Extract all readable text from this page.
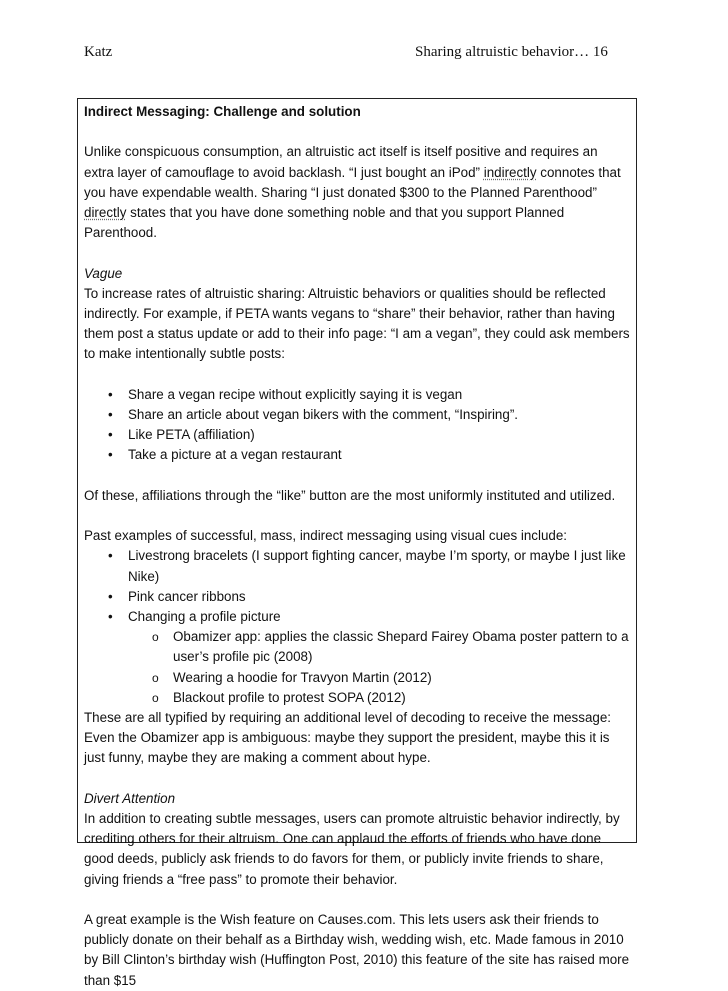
Katz	Sharing altruistic behavior… 16

Indirect Messaging: Challenge and solution

Unlike conspicuous consumption, an altruistic act itself is itself positive and requires an extra layer of camouflage to avoid backlash. “I just bought an iPod” indirectly connotes that you have expendable wealth. Sharing “I just donated $300 to the Planned Parenthood” directly states that you have done something noble and that you support Planned Parenthood.

Vague

To increase rates of altruistic sharing: Altruistic behaviors or qualities should be reflected indirectly. For example, if PETA wants vegans to “share” their behavior, rather than having them post a status update or add to their info page: “I am a vegan”, they could ask members to make intentionally subtle posts:

• Share a vegan recipe without explicitly saying it is vegan
• Share an article about vegan bikers with the comment, “Inspiring”.
• Like PETA (affiliation)
• Take a picture at a vegan restaurant

Of these, affiliations through the “like” button are the most uniformly instituted and utilized.

Past examples of successful, mass, indirect messaging using visual cues include:

• Livestrong bracelets (I support fighting cancer, maybe I’m sporty, or maybe I just like Nike)
• Pink cancer ribbons
• Changing a profile picture
o Obamizer app: applies the classic Shepard Fairey Obama poster pattern to a user’s profile pic (2008)
o Wearing a hoodie for Travyon Martin (2012)
o Blackout profile to protest SOPA (2012)

These are all typified by requiring an additional level of decoding to receive the message:

Even the Obamizer app is ambiguous: maybe they support the president, maybe this it is just funny, maybe they are making a comment about hype.

Divert Attention

In addition to creating subtle messages, users can promote altruistic behavior indirectly, by crediting others for their altruism. One can applaud the efforts of friends who have done good deeds, publicly ask friends to do favors for them, or publicly invite friends to share, giving friends a “free pass” to promote their behavior.

A great example is the Wish feature on Causes.com. This lets users ask their friends to publicly donate on their behalf as a Birthday wish, wedding wish, etc. Made famous in 2010 by Bill Clinton’s birthday wish (Huffington Post, 2010) this feature of the site has raised more than $15
